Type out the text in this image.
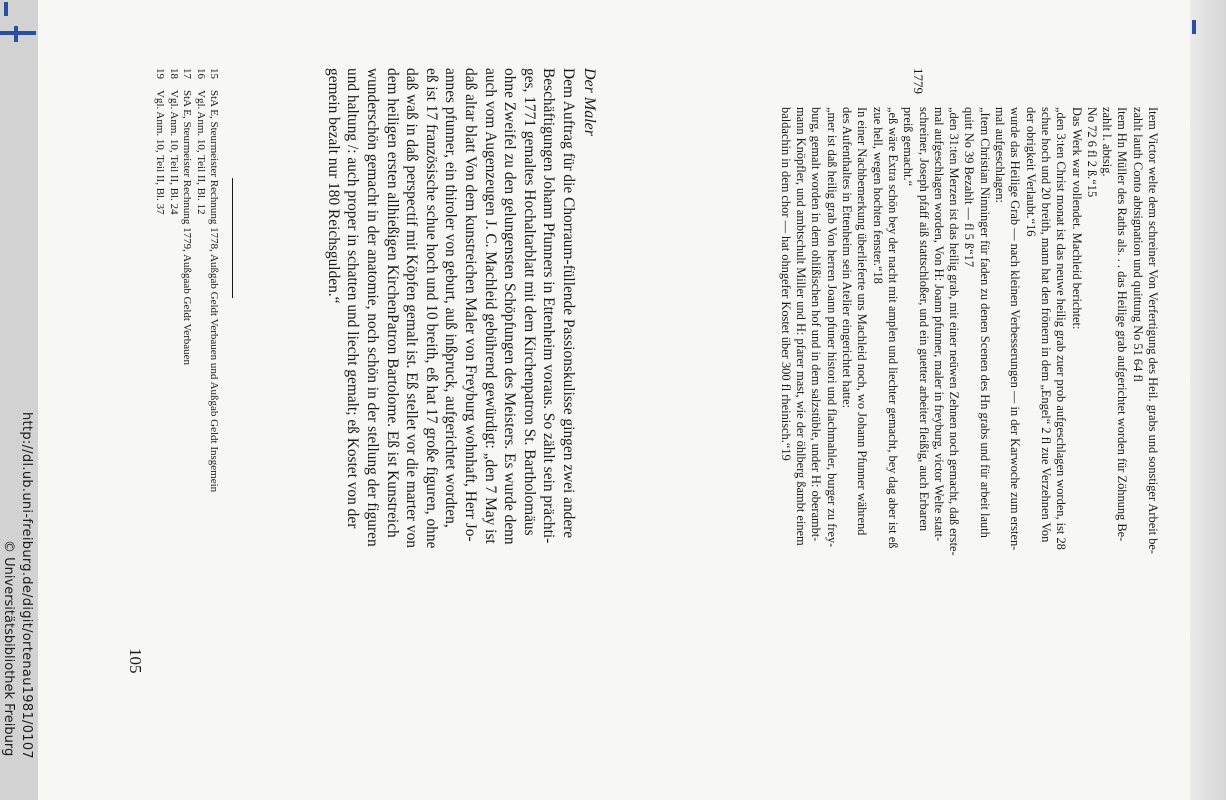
http://dl.ub.uni-freiburg.de/digit/ortenau1981/0107
© Universitätsbibliothek Freiburg
1779
Item Victor welte dem schreiner Von Verfertigung des Heil. grabs und sonstiger Arbeit be-
zahlt lauth Conto abtsignation und quittung No 51 64 fl
Item Hn Müller des Raths als. . . das Heilige grab aufgerichtet worden für Zöhnung Be-
zahlt l. abtsig.
No 72 6 fl 2 ß.“15
Das Werk war vollendet. Machleid berichtet:
„den 3:ten Christ monat ist das neuwe heilig grab zuer prob aufgeschlagen worden, ist 28
schue hoch und 20 breith, mann hat den frönern in dem „Engel“ 2 fl zue Verzehnen Von
der obrigkeit Verlaubt.“16
wurde das Heilige Grab — nach kleinen Verbesserungen — in der Karwoche zum ersten-
mal aufgeschlagen:
„Item Christian Ninninger für faden zu denen Scenen des Hn grabs und für arbeit lauth
quitt No 39 Bezahlt — fl 5 ß“17
„den 31:ten Merzen ist das heilig grab, mit einer neüwen Zehnen noch gemacht, daß erste-
mal aufgeschlagen worden, Von H: Joann pfunner, maler in freyburg, victor Welte statt-
schreiner, Joseph pfaff aiß stattschloßer, und ein guetter arbeiter fleißig, auch Erbaren
preiß gemacht.“
„eß wäre Extra schön bey der nacht mit amplen und liechter gemacht, bey dag aber ist eß
zue hell, wegen hochten fenster.“18
In einer Nachbemerkung überlieferte uns Machleid noch, wo Johann Pfunner während
des Aufenthaltes in Ettenheim sein Atelier eingerichtet hatte:
„mer ist daß heilig grab Von herren Joann pfuner histori und flachmahler, burger zu frey-
burg, gemalt worden in dem ohlißischen hof und in dem salzstüble, under H: oberambt-
mann Knöpfler, und ambtschult Miller und H: pfarer mast, wie der öhlberg ßambt einem
baldachin in dem chor — hat ohngefer Kostet über 300 fl rheinisch.“19

Der Maler

Dem Auftrag für die Chorraum-füllende Passionskulisse gingen zwei andere
Beschäftigungen Johann Pfunners in Ettenheim voraus. So zählt sein prächti-
ges, 1771 gemaltes Hochaltarblatt mit dem Kirchenpatron St. Bartholomäus
ohne Zweifel zu den gelungensten Schöpfungen des Meisters. Es wurde denn
auch vom Augenzeugen J. C. Machleid gebührend gewürdigt: „den 7 May ist
daß altar blatt Von dem kunstreichen Maler von Freyburg wohnhaft, Herr Jo-
annes pfunner, ein thiroler von geburt, auß inßpruck, aufgerichtet wordten,
eß ist 17 französische schue hoch und 10 breith, eß hat 17 große figuren, ohne
daß waß in daß perspectif mit Köpfen gemalt ist. Eß stellet vor die marter von
dem heiligen ersten allhießigen KirchenPatron Bartolome. Eß ist Kunstreich
wunderschön gemacht in der anatomie, noch schön in der stellung der figuren
und haltung /: auch proper in schatten und liecht gemalt; eß Kostet von der
gemein bezalt nur 180 Reichsgulden.“
15
StA E, Steurmeister Rechnung 1778, Außgab Geldt Verbauen und Außgab Geldt Insgemein
16
Vgl. Anm. 10, Teil II, Bl. 12
17
StA E, Steurmeister Rechnung 1779, Außgaab Geldt Verbauen
18
Vgl. Anm. 10, Teil II, Bl. 24
19
Vgl. Anm. 10, Teil II, Bl. 37
105
